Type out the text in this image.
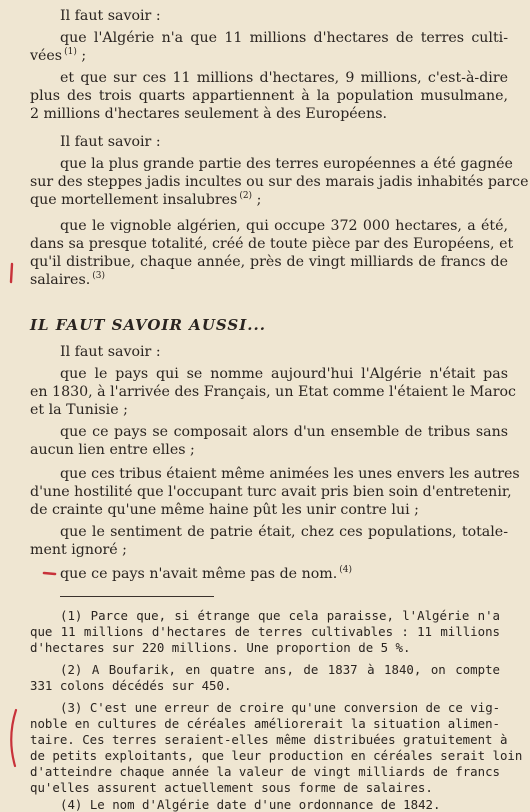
Il faut savoir :
que l'Algérie n'a que 11 millions d'hectares de terres culti-
vées $^{(1)}$ ;
et que sur ces 11 millions d'hectares, 9 millions, c'est-à-dire
plus des trois quarts appartiennent à la population musulmane,
2 millions d'hectares seulement à des Européens.
Il faut savoir :
que la plus grande partie des terres européennes a été gagnée
sur des steppes jadis incultes ou sur des marais jadis inhabités parce
que mortellement insalubres $^{(2)}$ ;
que le vignoble algérien, qui occupe 372 000 hectares, a été,
dans sa presque totalité, créé de toute pièce par des Européens, et
qu'il distribue, chaque année, près de vingt milliards de francs de
salaires. $^{(3)}$
IL FAUT SAVOIR AUSSI...
Il faut savoir :
que le pays qui se nomme aujourd'hui l'Algérie n'était pas
en 1830, à l'arrivée des Français, un Etat comme l'étaient le Maroc
et la Tunisie ;
que ce pays se composait alors d'un ensemble de tribus sans
aucun lien entre elles ;
que ces tribus étaient même animées les unes envers les autres
d'une hostilité que l'occupant turc avait pris bien soin d'entretenir,
de crainte qu'une même haine pût les unir contre lui ;
que le sentiment de patrie était, chez ces populations, totale-
ment ignoré ;
que ce pays n'avait même pas de nom. $^{(4)}$
(1) Parce que, si étrange que cela paraisse, l'Algérie n'a
que 11 millions d'hectares de terres cultivables : 11 millions
d'hectares sur 220 millions. Une proportion de 5 %.
(2) A Boufarik, en quatre ans, de 1837 à 1840, on compte
331 colons décédés sur 450.
(3) C'est une erreur de croire qu'une conversion de ce vig-
noble en cultures de céréales améliorerait la situation alimen-
taire. Ces terres seraient-elles même distribuées gratuitement à
de petits exploitants, que leur production en céréales serait loin
d'atteindre chaque année la valeur de vingt milliards de francs
qu'elles assurent actuellement sous forme de salaires.
(4) Le nom d'Algérie date d'une ordonnance de 1842.
